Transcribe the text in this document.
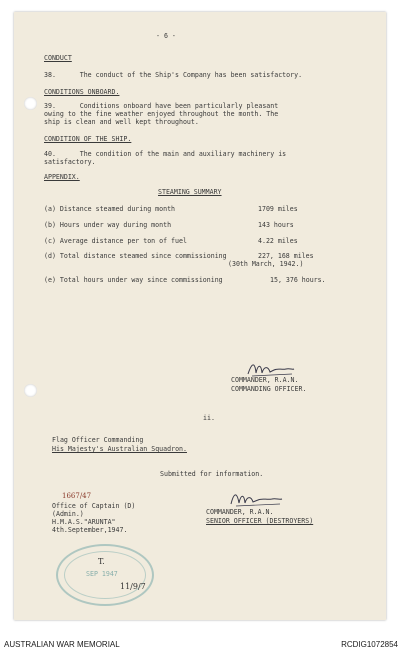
- 6 -
CONDUCT
38.      The conduct of the Ship's Company has been satisfactory.
CONDITIONS ONBOARD.
39.      Conditions onboard have been particularly pleasant
owing to the fine weather enjoyed throughout the month. The
ship is clean and well kept throughout.
CONDITION OF THE SHIP.
40.      The condition of the main and auxiliary machinery is
satisfactory.
APPENDIX.
STEAMING SUMMARY
(a) Distance steamed during month	1709 miles
(b) Hours under way during month	143 hours
(c) Average distance per ton of fuel	4.22 miles
(d) Total distance steamed since commissioning	227, 168 miles
(30th March, 1942.)
(e) Total hours under way since commissioning	15, 376 hours.
COMMANDER, R.A.N.
COMMANDING OFFICER.
ii.
Flag Officer Commanding
His Majesty's Australian Squadron.
Submitted for information.
1667/47
Office of Captain (D)
(Admin.)
H.M.A.S."ARUNTA"
4th.September,1947.
COMMANDER, R.A.N.
SENIOR OFFICER (DESTROYERS)
T.
SEP 1947
11/9/7
AUSTRALIAN WAR MEMORIAL	RCDIG1072854
